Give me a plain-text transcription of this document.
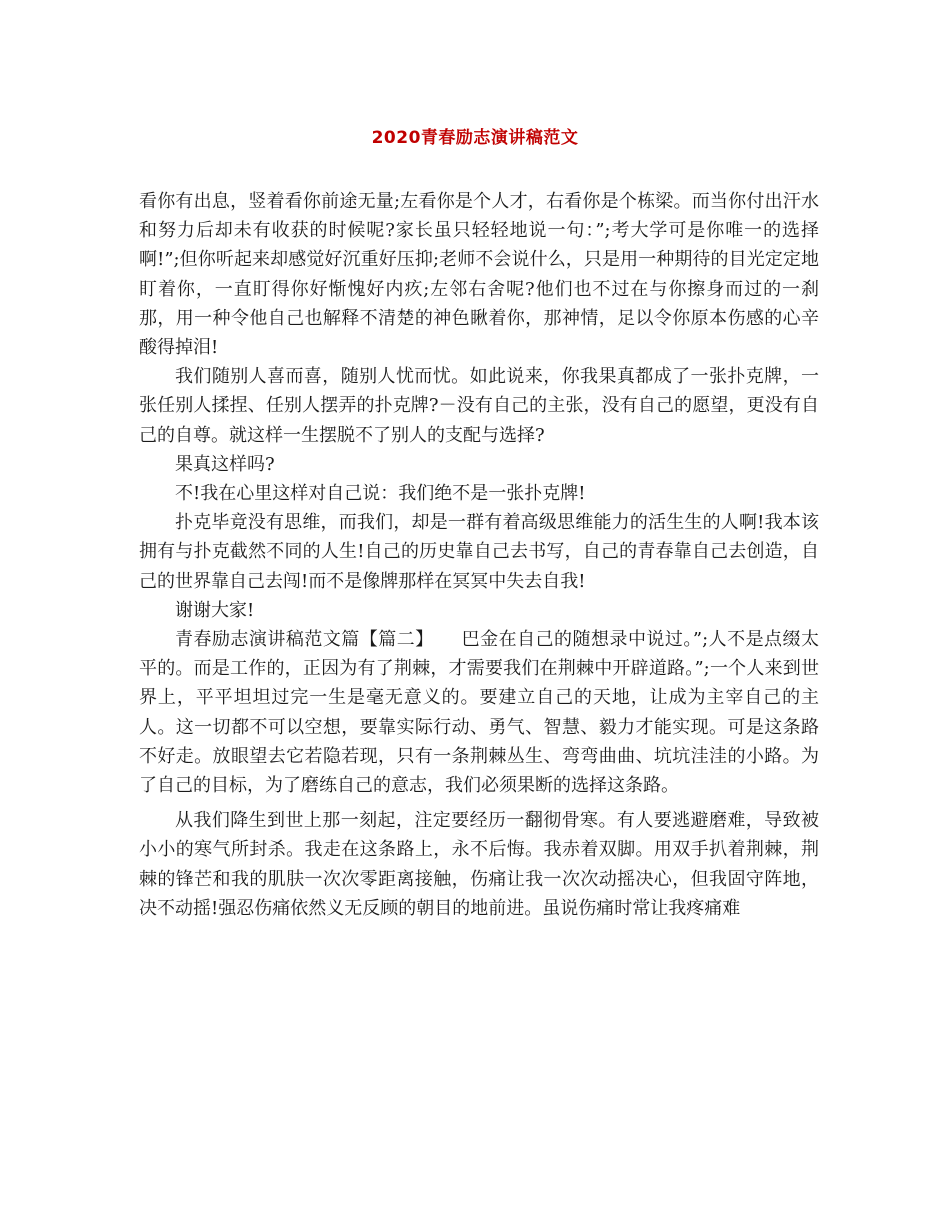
2020青春励志演讲稿范文

看你有出息，竖着看你前途无量;左看你是个人才，右看你是个栋梁。而当你付出汗水和努力后却未有收获的时候呢?家长虽只轻轻地说一句：”;考大学可是你唯一的选择啊!”;但你听起来却感觉好沉重好压抑;老师不会说什么，只是用一种期待的目光定定地盯着你，一直盯得你好惭愧好内疚;左邻右舍呢?他们也不过在与你擦身而过的一刹那，用一种令他自己也解释不清楚的神色瞅着你，那神情，足以令你原本伤感的心辛酸得掉泪!

我们随别人喜而喜，随别人忧而忧。如此说来，你我果真都成了一张扑克牌，一张任别人揉捏、任别人摆弄的扑克牌?－没有自己的主张，没有自己的愿望，更没有自己的自尊。就这样一生摆脱不了别人的支配与选择?

果真这样吗?

不!我在心里这样对自己说：我们绝不是一张扑克牌!

扑克毕竟没有思维，而我们，却是一群有着高级思维能力的活生生的人啊!我本该拥有与扑克截然不同的人生!自己的历史靠自己去书写，自己的青春靠自己去创造，自己的世界靠自己去闯!而不是像牌那样在冥冥中失去自我!

谢谢大家!

青春励志演讲稿范文篇【篇二】　　巴金在自己的随想录中说过。”;人不是点缀太平的。而是工作的，正因为有了荆棘，才需要我们在荆棘中开辟道路。”;一个人来到世界上，平平坦坦过完一生是毫无意义的。要建立自己的天地，让成为主宰自己的主人。这一切都不可以空想，要靠实际行动、勇气、智慧、毅力才能实现。可是这条路不好走。放眼望去它若隐若现，只有一条荆棘丛生、弯弯曲曲、坑坑洼洼的小路。为了自己的目标，为了磨练自己的意志，我们必须果断的选择这条路。

从我们降生到世上那一刻起，注定要经历一翻彻骨寒。有人要逃避磨难，导致被小小的寒气所封杀。我走在这条路上，永不后悔。我赤着双脚。用双手扒着荆棘，荆棘的锋芒和我的肌肤一次次零距离接触，伤痛让我一次次动摇决心，但我固守阵地，决不动摇!强忍伤痛依然义无反顾的朝目的地前进。虽说伤痛时常让我疼痛难
